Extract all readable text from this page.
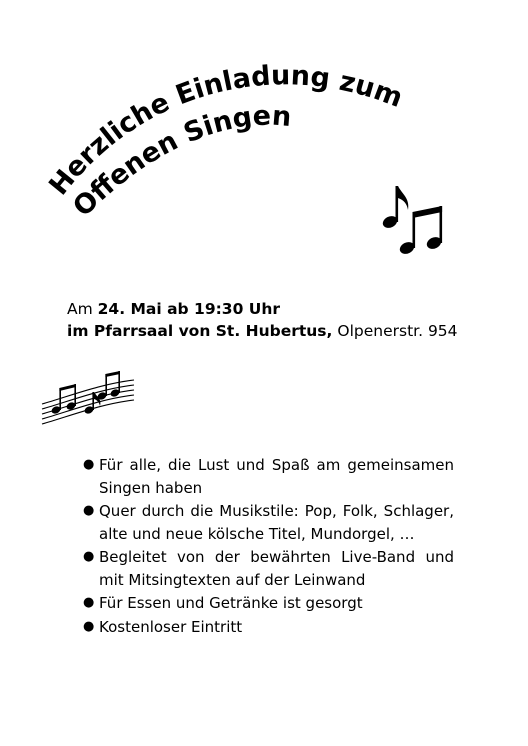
Herzliche Einladung zum
Offenen Singen
Am 24. Mai ab 19:30 Uhr
im Pfarrsaal von St. Hubertus, Olpenerstr. 954
● Für alle, die Lust und Spaß am gemeinsamen Singen haben
● Quer durch die Musikstile: Pop, Folk, Schlager, alte und neue kölsche Titel, Mundorgel, …
● Begleitet von der bewährten Live-Band und mit Mitsingtexten auf der Leinwand
● Für Essen und Getränke ist gesorgt
● Kostenloser Eintritt
